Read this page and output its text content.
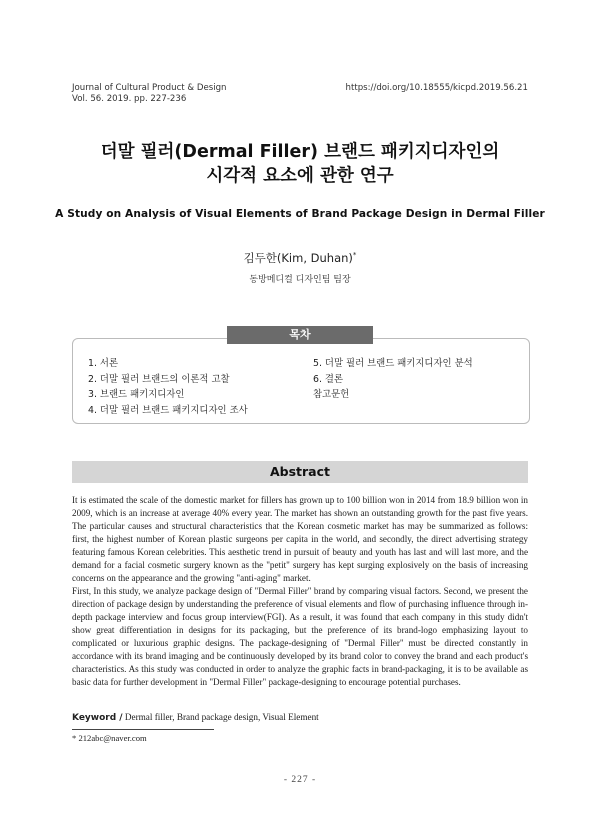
Journal of Cultural Product & Design
Vol. 56. 2019. pp. 227-236
https://doi.org/10.18555/kicpd.2019.56.21
더말 필러(Dermal Filler) 브랜드 패키지디자인의
시각적 요소에 관한 연구
A Study on Analysis of Visual Elements of Brand Package Design in Dermal Filler
김두한(Kim, Duhan)*
동방메디컬 디자인팀 팀장
목차
1. 서론
2. 더말 필러 브랜드의 이론적 고찰
3. 브랜드 패키지디자인
4. 더말 필러 브랜드 패키지디자인 조사
5. 더말 필러 브랜드 패키지디자인 분석
6. 결론
참고문헌
Abstract

It is estimated the scale of the domestic market for fillers has grown up to 100 billion won in 2014 from 18.9 billion won in 2009, which is an increase at average 40% every year. The market has shown an outstanding growth for the past five years. The particular causes and structural characteristics that the Korean cosmetic market has may be summarized as follows: first, the highest number of Korean plastic surgeons per capita in the world, and secondly, the direct advertising strategy featuring famous Korean celebrities. This aesthetic trend in pursuit of beauty and youth has last and will last more, and the demand for a facial cosmetic surgery known as the "petit" surgery has kept surging explosively on the basis of increasing concerns on the appearance and the growing "anti-aging" market.

First, In this study, we analyze package design of "Dermal Filler" brand by comparing visual factors. Second, we present the direction of package design by understanding the preference of visual elements and flow of purchasing influence through in-depth package interview and focus group interview(FGI). As a result, it was found that each company in this study didn't show great differentiation in designs for its packaging, but the preference of its brand-logo emphasizing layout to complicated or luxurious graphic designs. The package-designing of "Dermal Filler" must be directed constantly in accordance with its brand imaging and be continuously developed by its brand color to convey the brand and each product's characteristics. As this study was conducted in order to analyze the graphic facts in brand-packaging, it is to be available as basic data for further development in "Dermal Filler" package-designing to encourage potential purchases.

Keyword / Dermal filler, Brand package design, Visual Element
* 212abc@naver.com
- 227 -
